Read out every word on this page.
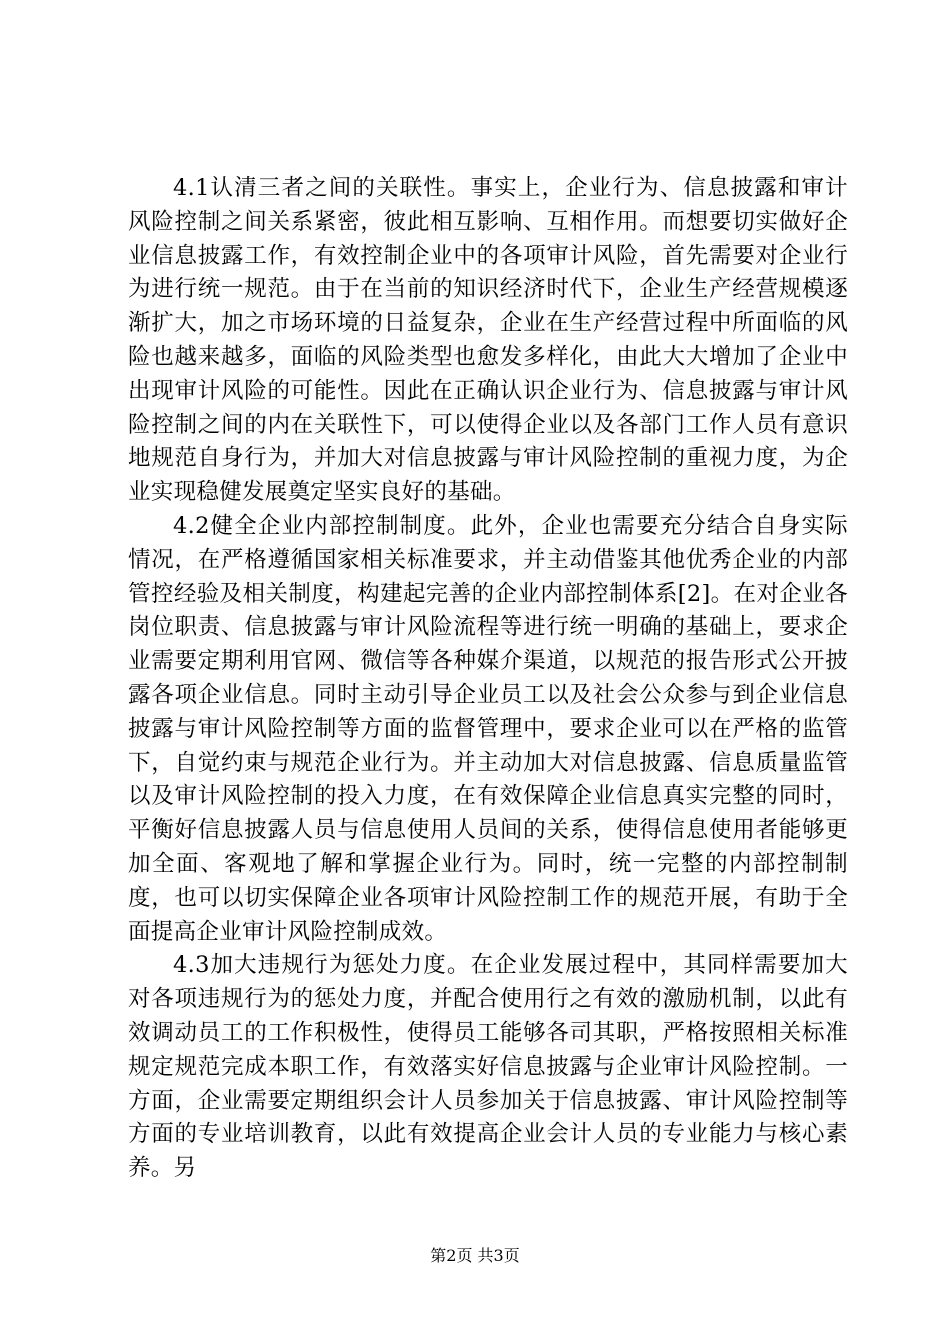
4.1认清三者之间的关联性。事实上，企业行为、信息披露和审计风险控制之间关系紧密，彼此相互影响、互相作用。而想要切实做好企业信息披露工作，有效控制企业中的各项审计风险，首先需要对企业行为进行统一规范。由于在当前的知识经济时代下，企业生产经营规模逐渐扩大，加之市场环境的日益复杂，企业在生产经营过程中所面临的风险也越来越多，面临的风险类型也愈发多样化，由此大大增加了企业中出现审计风险的可能性。因此在正确认识企业行为、信息披露与审计风险控制之间的内在关联性下，可以使得企业以及各部门工作人员有意识地规范自身行为，并加大对信息披露与审计风险控制的重视力度，为企业实现稳健发展奠定坚实良好的基础。

4.2健全企业内部控制制度。此外，企业也需要充分结合自身实际情况，在严格遵循国家相关标准要求，并主动借鉴其他优秀企业的内部管控经验及相关制度，构建起完善的企业内部控制体系[2]。在对企业各岗位职责、信息披露与审计风险流程等进行统一明确的基础上，要求企业需要定期利用官网、微信等各种媒介渠道，以规范的报告形式公开披露各项企业信息。同时主动引导企业员工以及社会公众参与到企业信息披露与审计风险控制等方面的监督管理中，要求企业可以在严格的监管下，自觉约束与规范企业行为。并主动加大对信息披露、信息质量监管以及审计风险控制的投入力度，在有效保障企业信息真实完整的同时，平衡好信息披露人员与信息使用人员间的关系，使得信息使用者能够更加全面、客观地了解和掌握企业行为。同时，统一完整的内部控制制度，也可以切实保障企业各项审计风险控制工作的规范开展，有助于全面提高企业审计风险控制成效。

4.3加大违规行为惩处力度。在企业发展过程中，其同样需要加大对各项违规行为的惩处力度，并配合使用行之有效的激励机制，以此有效调动员工的工作积极性，使得员工能够各司其职，严格按照相关标准规定规范完成本职工作，有效落实好信息披露与企业审计风险控制。一方面，企业需要定期组织会计人员参加关于信息披露、审计风险控制等方面的专业培训教育，以此有效提高企业会计人员的专业能力与核心素养。另

第2页 共3页
